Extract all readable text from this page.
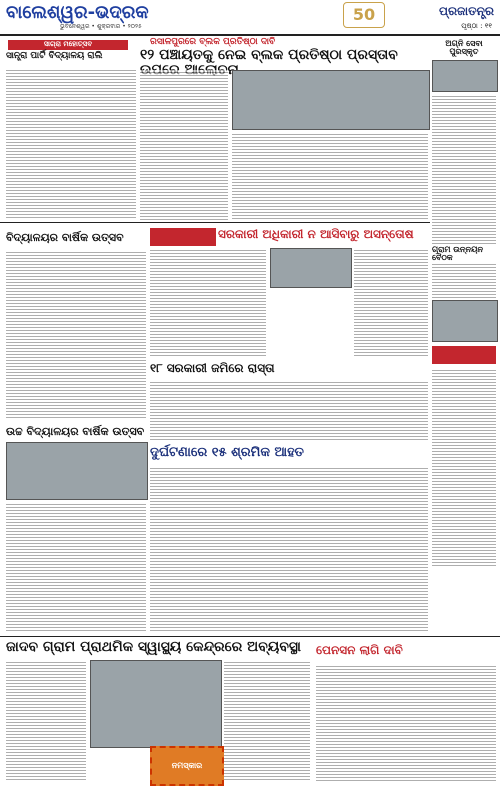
ବାଲେଶ୍ୱର-ଭଦ୍ରକ
ଭୁବନେଶ୍ୱର • ଶୁକ୍ରବାର • ୨୦୨୫
50	ପ୍ରଜାତନ୍ତ୍ର
ପୃଷ୍ଠା : ୧୧
ସାଗ୍ରା ମହୋତ୍ସବ
ସାନ୍ତ୍ରା ପାର୍ଟି ବିଦ୍ୟାଳୟ ରାଲି
ରସାଳପୁରରେ ବ୍ଲକ ପ୍ରତିଷ୍ଠା ଦାବି
୧୨ ପଞ୍ଚାୟତକୁ ନେଇ ବ୍ଲକ ପ୍ରତିଷ୍ଠା ପ୍ରସ୍ତାବ
ଅଗ୍ନି ସେବା ପୁରସ୍କୃତ
ବିଦ୍ୟାଳୟର ବାର୍ଷିକ ଉତ୍ସବ	ସରକାରୀ ଅଧିକାରୀ ନ ଆସିବାରୁ ଅସନ୍ତୋଷ
ଗ୍ରାମ ଉନ୍ନୟନ ବୈଠକ
୧୮ ସରକାରୀ ଜମିରେ ରାସ୍ତା
ଉଚ୍ଚ ବିଦ୍ୟାଳୟର ବାର୍ଷିକ ଉତ୍ସବ
ଦୁର୍ଘଟଣାରେ ୧୫ ଶ୍ରମିକ ଆହତ
ଜାଦବ ଗ୍ରାମ ପ୍ରାଥମିକ ସ୍ୱାସ୍ଥ୍ୟ କେନ୍ଦ୍ରରେ ଅବ୍ୟବସ୍ଥା
ନମସ୍କାର
ପେନସନ ଲାଗି ଦାବି
